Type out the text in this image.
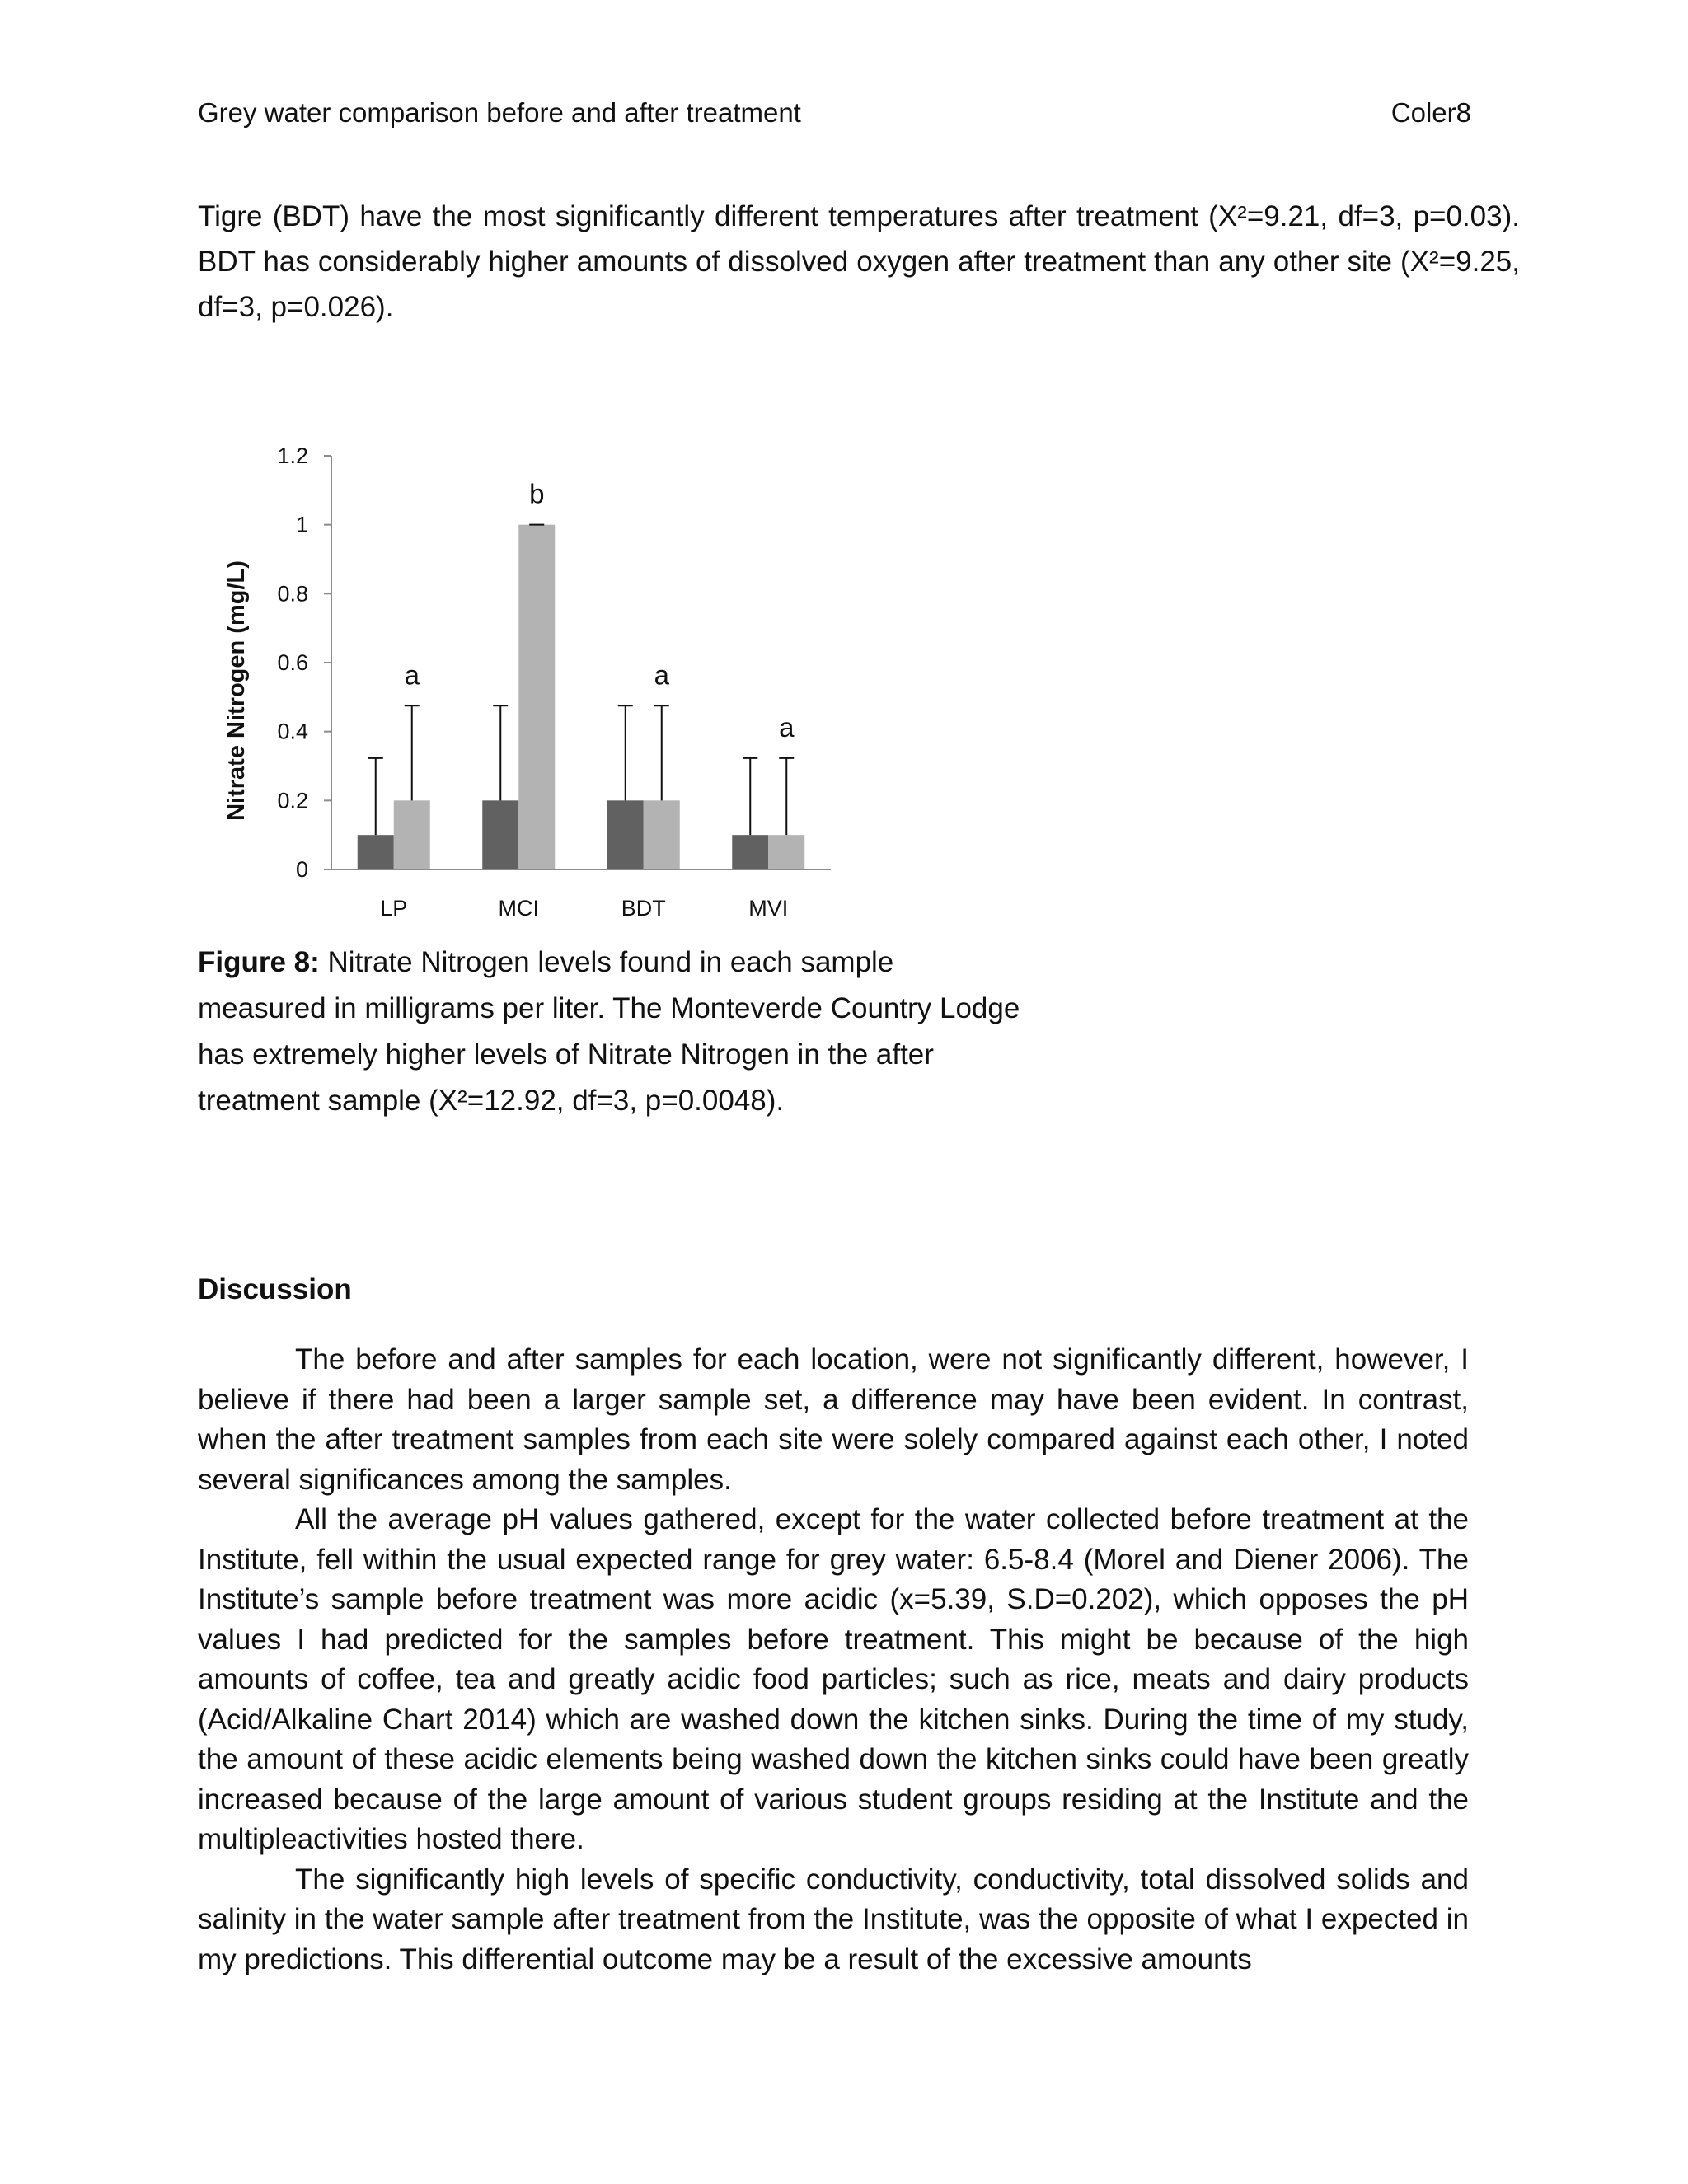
Grey water comparison before and after treatment	Coler8

Tigre (BDT) have the most significantly different temperatures after treatment (X²=9.21, df=3, p=0.03). BDT has considerably higher amounts of dissolved oxygen after treatment than any other site (X²=9.25, df=3, p=0.026).

0
0.2
0.4
0.6
0.8
1
1.2
Nitrate Nitrogen (mg/L)
LP
a
MCI
b
BDT
a
MVI
a

Figure 8: Nitrate Nitrogen levels found in each sample measured in milligrams per liter. The Monteverde Country Lodge has extremely higher levels of Nitrate Nitrogen in the after treatment sample (X²=12.92, df=3, p=0.0048).

Discussion

The before and after samples for each location, were not significantly different, however, I believe if there had been a larger sample set, a difference may have been evident. In contrast, when the after treatment samples from each site were solely compared against each other, I noted several significances among the samples.

All the average pH values gathered, except for the water collected before treatment at the Institute, fell within the usual expected range for grey water: 6.5-8.4 (Morel and Diener 2006). The Institute’s sample before treatment was more acidic (x=5.39, S.D=0.202), which opposes the pH values I had predicted for the samples before treatment. This might be because of the high amounts of coffee, tea and greatly acidic food particles; such as rice, meats and dairy products (Acid/Alkaline Chart 2014) which are washed down the kitchen sinks. During the time of my study, the amount of these acidic elements being washed down the kitchen sinks could have been greatly increased because of the large amount of various student groups residing at the Institute and the multipleactivities hosted there.

The significantly high levels of specific conductivity, conductivity, total dissolved solids and salinity in the water sample after treatment from the Institute, was the opposite of what I expected in my predictions. This differential outcome may be a result of the excessive amounts
